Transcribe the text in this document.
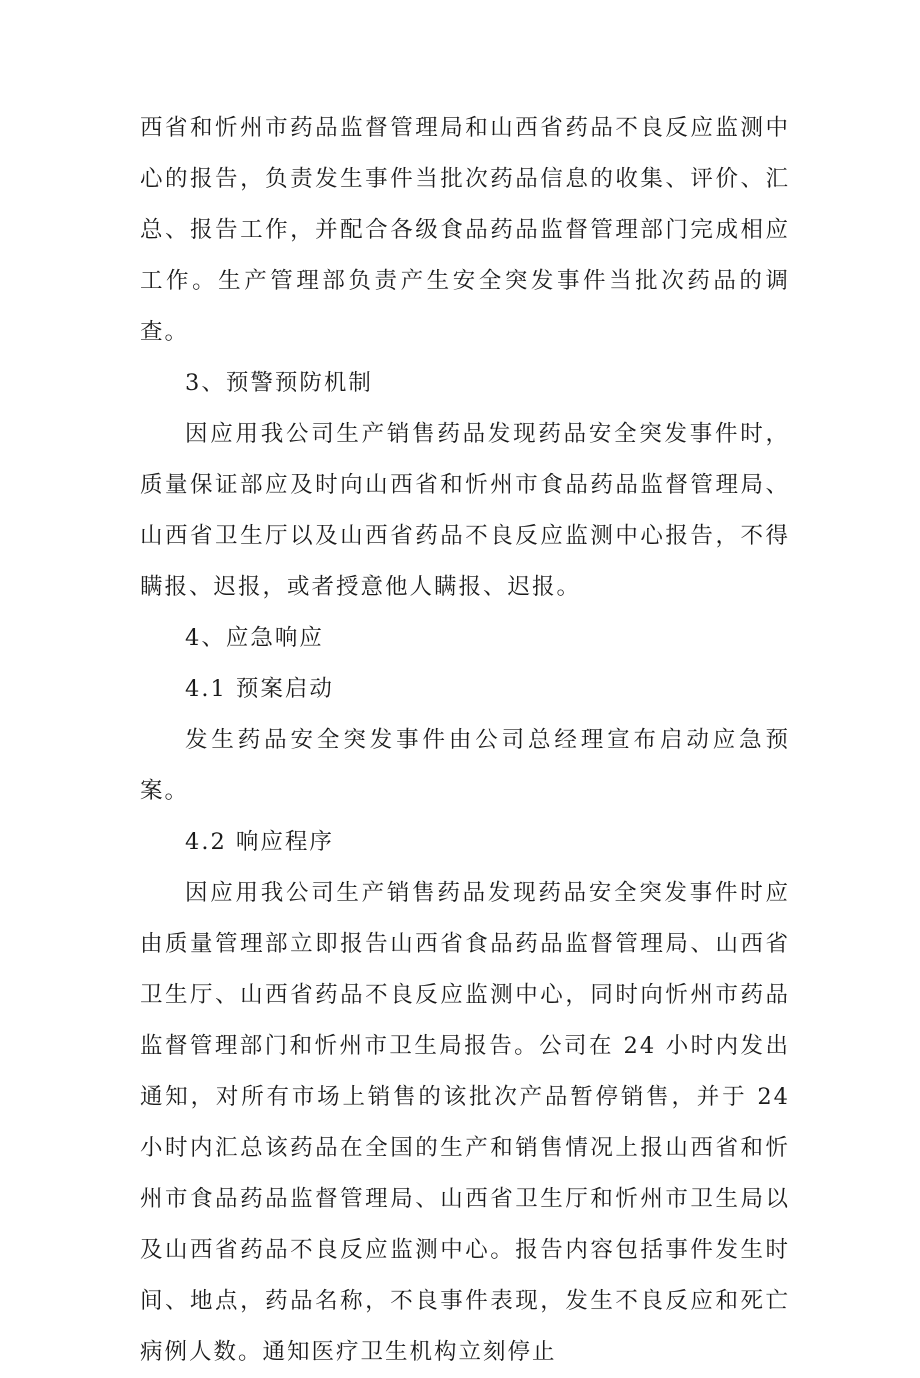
西省和忻州市药品监督管理局和山西省药品不良反应监测中心的报告，负责发生事件当批次药品信息的收集、评价、汇总、报告工作，并配合各级食品药品监督管理部门完成相应工作。生产管理部负责产生安全突发事件当批次药品的调查。

3、预警预防机制

因应用我公司生产销售药品发现药品安全突发事件时，质量保证部应及时向山西省和忻州市食品药品监督管理局、山西省卫生厅以及山西省药品不良反应监测中心报告，不得瞒报、迟报，或者授意他人瞒报、迟报。

4、应急响应

4.1 预案启动

发生药品安全突发事件由公司总经理宣布启动应急预案。

4.2 响应程序

因应用我公司生产销售药品发现药品安全突发事件时应由质量管理部立即报告山西省食品药品监督管理局、山西省卫生厅、山西省药品不良反应监测中心，同时向忻州市药品监督管理部门和忻州市卫生局报告。公司在 24 小时内发出通知，对所有市场上销售的该批次产品暂停销售，并于 24 小时内汇总该药品在全国的生产和销售情况上报山西省和忻州市食品药品监督管理局、山西省卫生厅和忻州市卫生局以及山西省药品不良反应监测中心。报告内容包括事件发生时间、地点，药品名称，不良事件表现，发生不良反应和死亡病例人数。通知医疗卫生机构立刻停止
